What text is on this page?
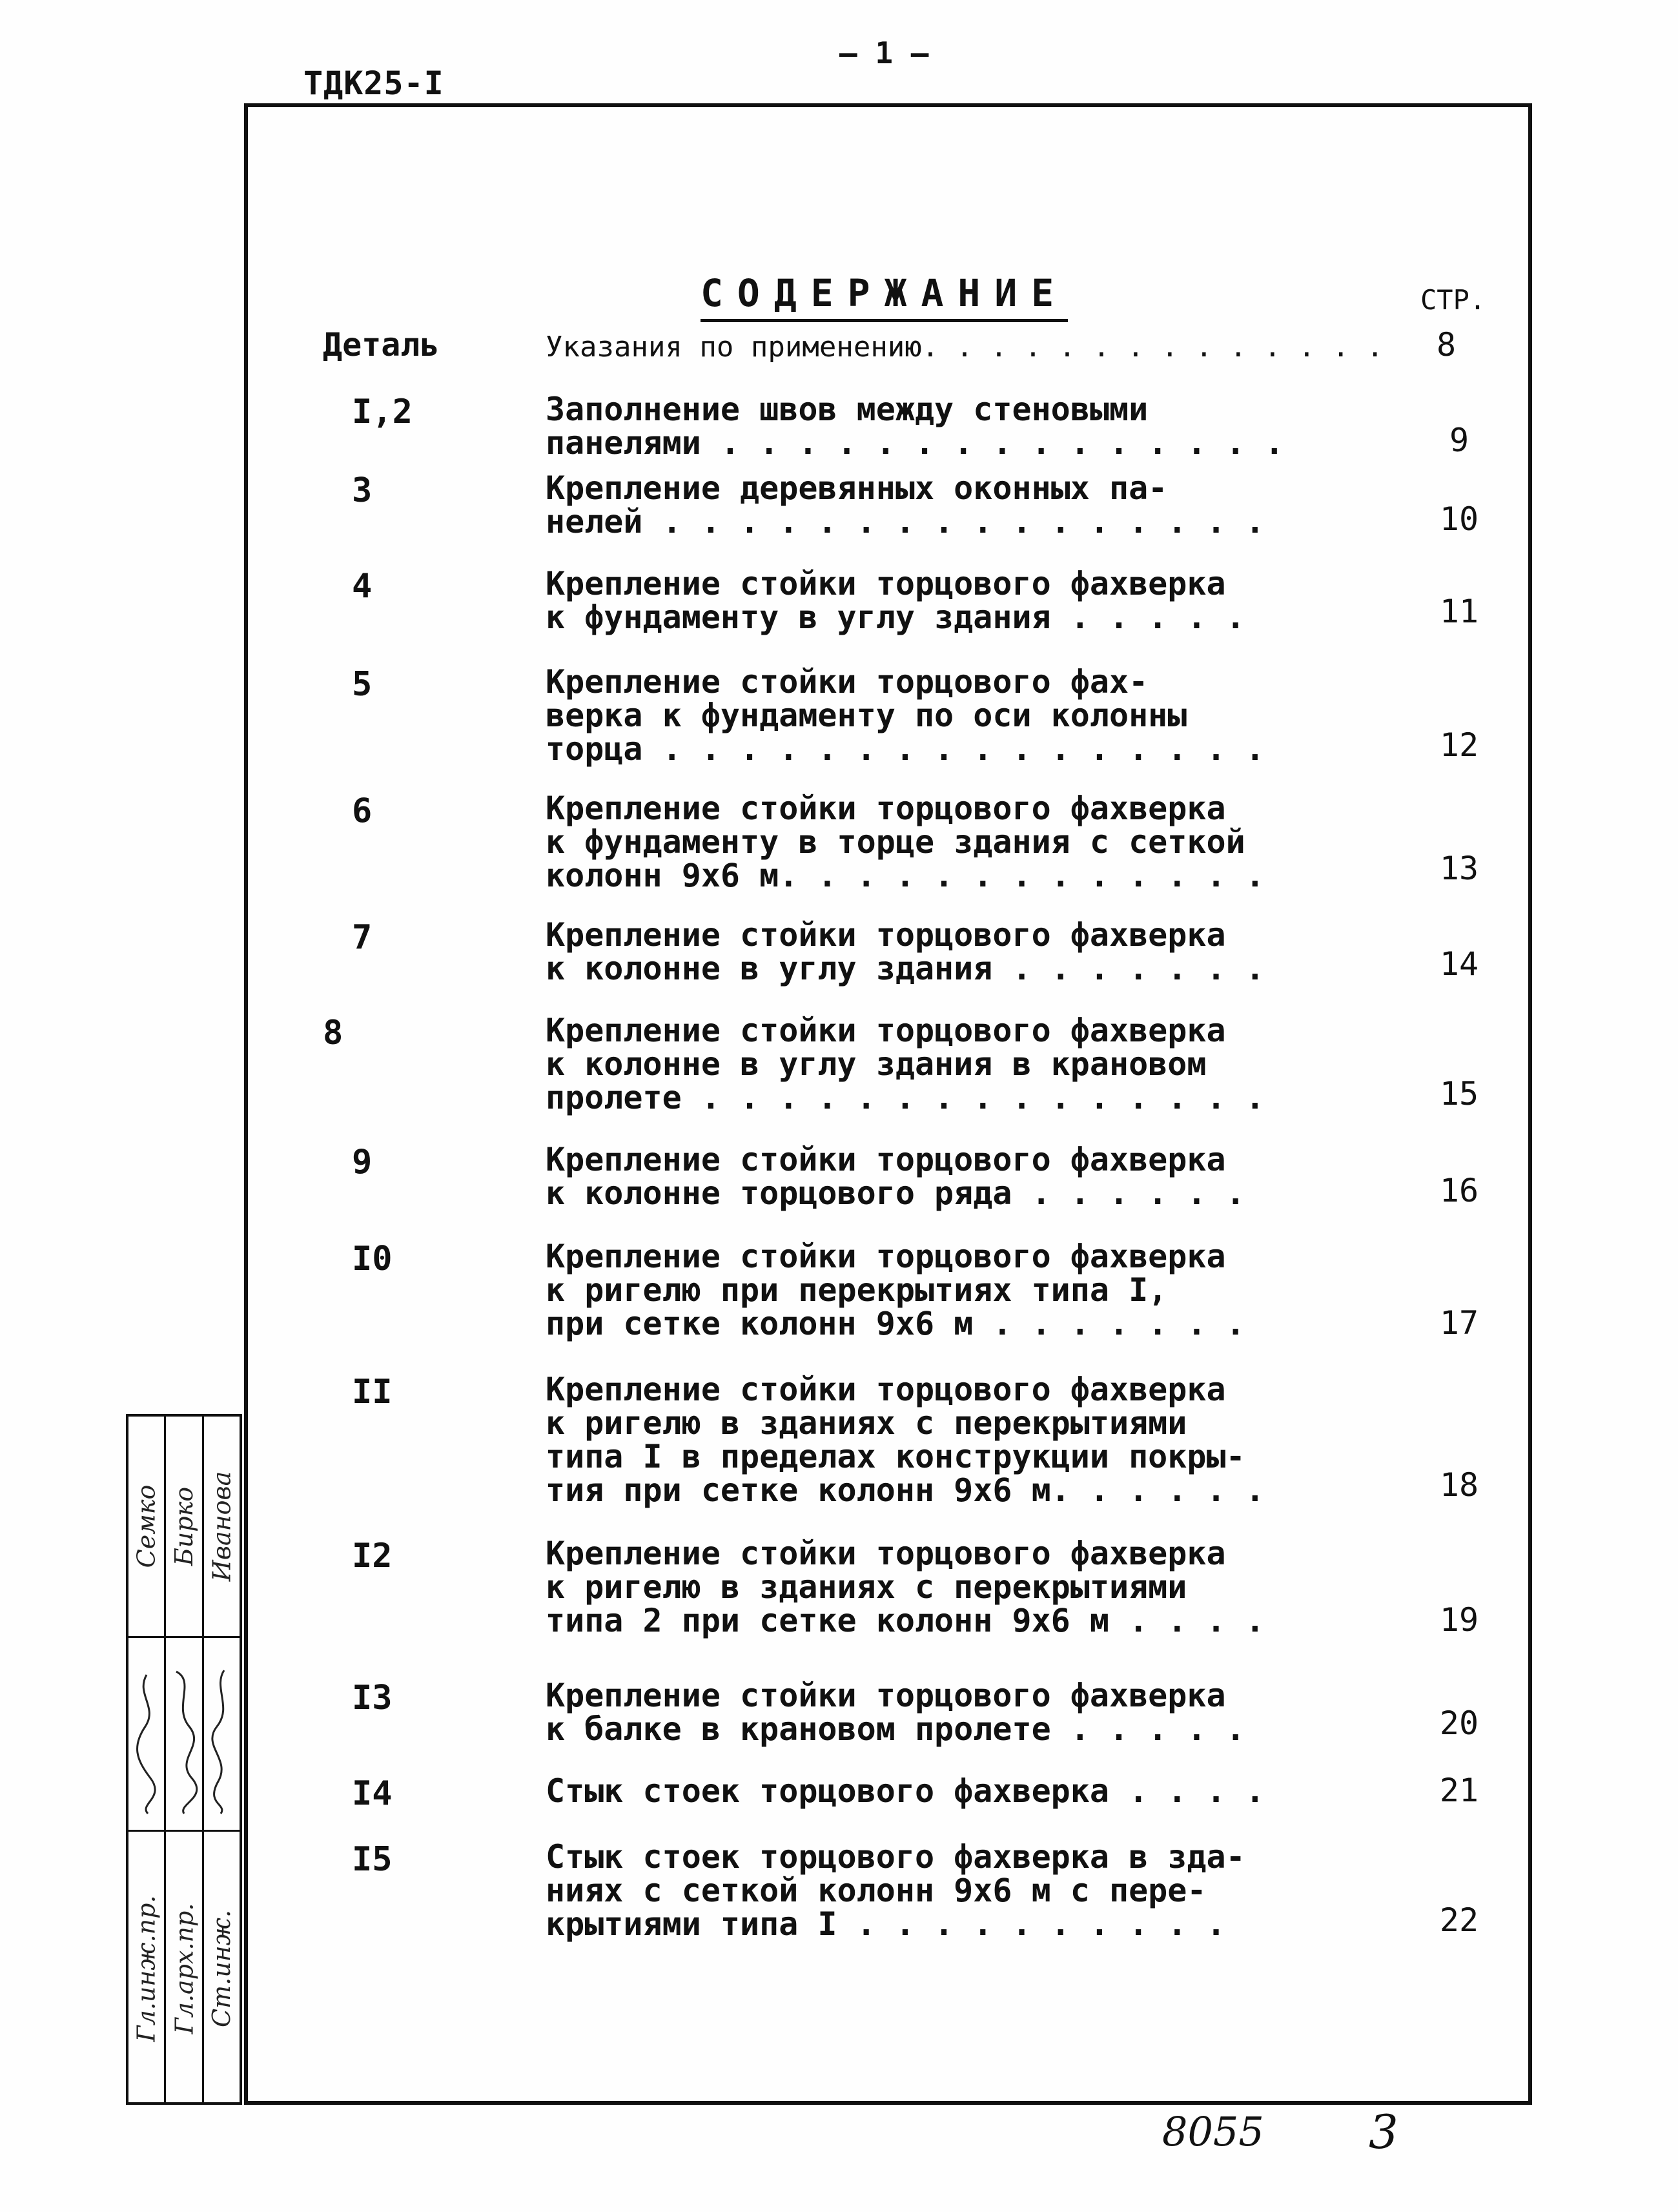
ТДК25-I
— 1 —
СОДЕРЖАНИЕ	СТР.
Деталь	Указания по применению. . . . . . . . . . . . . . 8
I,2	Заполнение швов между стеновыми
панелями . . . . . . . . . . . . . . .	9
3	Крепление деревянных оконных па-
нелей . . . . . . . . . . . . . . . .	10
4	Крепление стойки торцового фахверка
к фундаменту в углу здания . . . . .	11
5	Крепление стойки торцового фах-
верка к фундаменту по оси колонны
торца . . . . . . . . . . . . . . . .	12
6	Крепление стойки торцового фахверка
к фундаменту в торце здания с сеткой
колонн 9х6 м. . . . . . . . . . . . .	13
7	Крепление стойки торцового фахверка
к колонне в углу здания . . . . . . .	14
8	Крепление стойки торцового фахверка
к колонне в углу здания в крановом
пролете . . . . . . . . . . . . . . .	15
9	Крепление стойки торцового фахверка
к колонне торцового ряда . . . . . .	16
I0	Крепление стойки торцового фахверка
к ригелю при перекрытиях типа I,
при сетке колонн 9х6 м . . . . . . .	17
II	Крепление стойки торцового фахверка
к ригелю в зданиях с перекрытиями
типа I в пределах конструкции покры-
тия при сетке колонн 9х6 м. . . . . .	18
I2	Крепление стойки торцового фахверка
к ригелю в зданиях с перекрытиями
типа 2 при сетке колонн 9х6 м . . . .	19
I3	Крепление стойки торцового фахверка
к балке в крановом пролете . . . . .	20
I4	Стык стоек торцового фахверка . . . .	21
I5	Стык стоек торцового фахверка в зда-
ниях с сеткой колонн 9х6 м с пере-
крытиями типа I . . . . . . . . . .	22
Семко
Гл.инж.пр.
Бирко
Гл.арх.пр.
Иванова
Ст.инж.
8055 3
